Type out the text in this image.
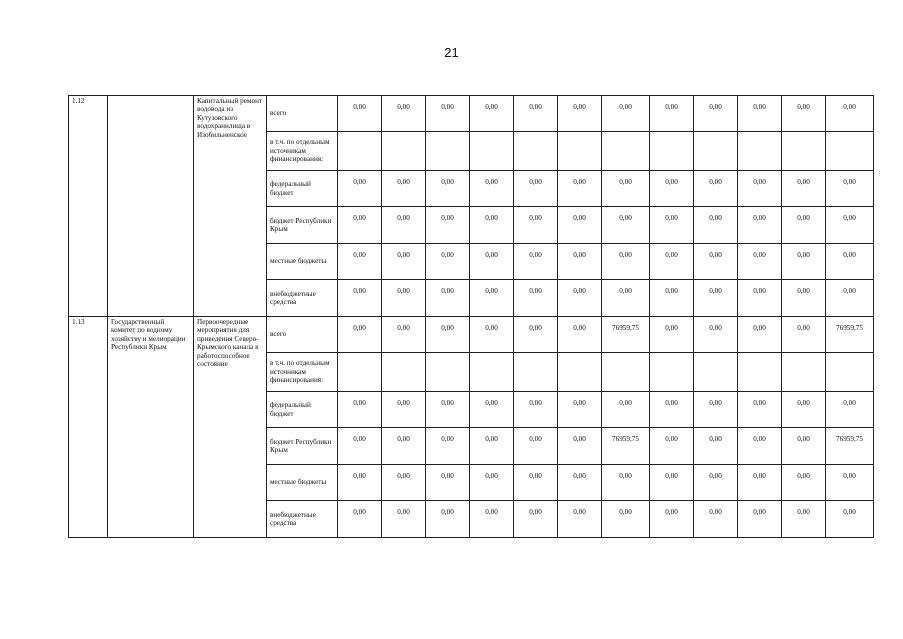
21
1.12		Капитальный ремонт водовода из Кутузовского водохранилища в Изобильненское	всего	0,00	0,00	0,00	0,00	0,00	0,00	0,00	0,00	0,00	0,00	0,00	0,00
			в т.ч. по отдельным источникам финансирования:												
			федеральный бюджет	0,00	0,00	0,00	0,00	0,00	0,00	0,00	0,00	0,00	0,00	0,00	0,00
			бюджет Республики Крым	0,00	0,00	0,00	0,00	0,00	0,00	0,00	0,00	0,00	0,00	0,00	0,00
			местные бюджеты	0,00	0,00	0,00	0,00	0,00	0,00	0,00	0,00	0,00	0,00	0,00	0,00
			внебюджетные средства	0,00	0,00	0,00	0,00	0,00	0,00	0,00	0,00	0,00	0,00	0,00	0,00
1.13	Государственный комитет по водному хозяйству и мелиорации Республики Крым	Первоочередные мероприятия для приведения Северо-Крымского канала в работоспособное состояние	всего	0,00	0,00	0,00	0,00	0,00	0,00	76959,75	0,00	0,00	0,00	0,00	76959,75
			в т.ч. по отдельным источникам финансирования:												
			федеральный бюджет	0,00	0,00	0,00	0,00	0,00	0,00	0,00	0,00	0,00	0,00	0,00	0,00
			бюджет Республики Крым	0,00	0,00	0,00	0,00	0,00	0,00	76959,75	0,00	0,00	0,00	0,00	76959,75
			местные бюджеты	0,00	0,00	0,00	0,00	0,00	0,00	0,00	0,00	0,00	0,00	0,00	0,00
			внебюджетные средства	0,00	0,00	0,00	0,00	0,00	0,00	0,00	0,00	0,00	0,00	0,00	0,00
